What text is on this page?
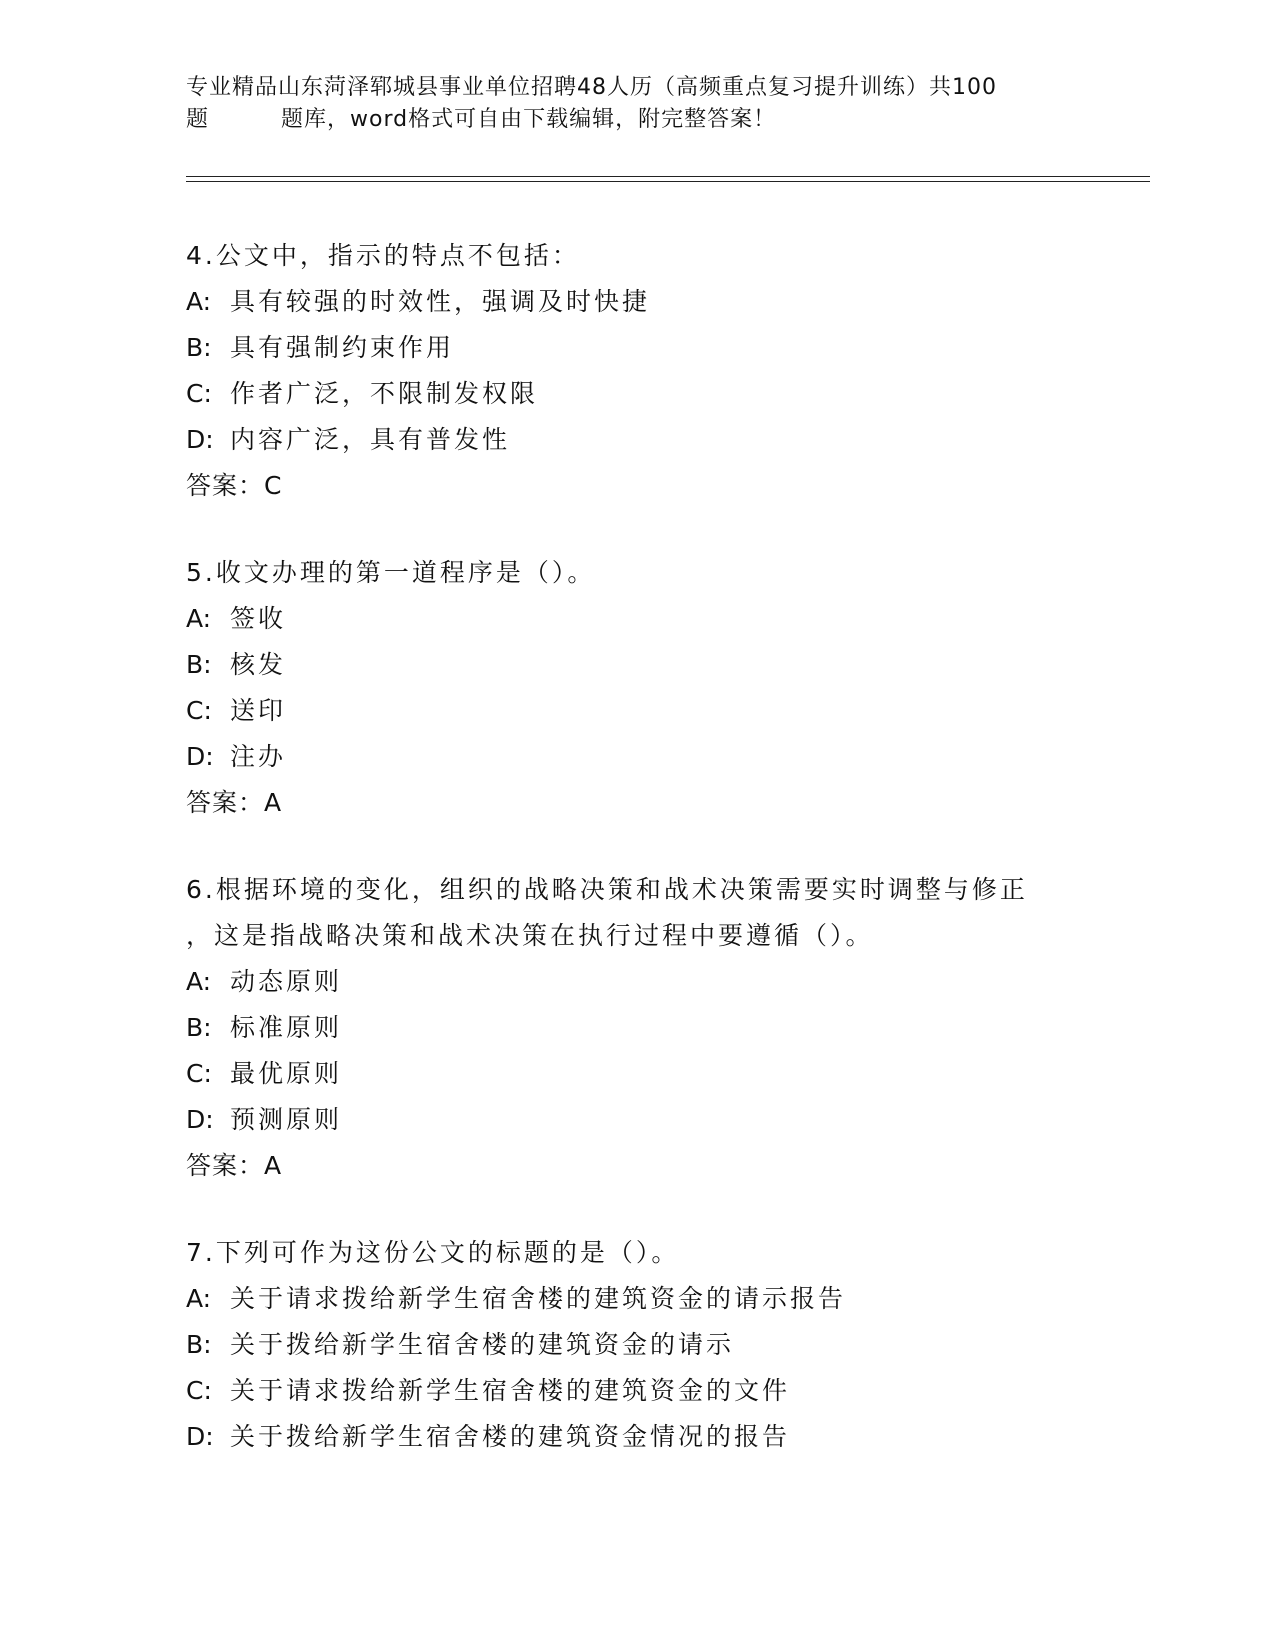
专业精品山东菏泽郓城县事业单位招聘48人历（高频重点复习提升训练）共100
题	题库，word格式可自由下载编辑，附完整答案！
4.公文中，指示的特点不包括：
A: 具有较强的时效性，强调及时快捷
B: 具有强制约束作用
C: 作者广泛，不限制发权限
D: 内容广泛，具有普发性
答案：C
5.收文办理的第一道程序是（）。
A: 签收
B: 核发
C: 送印
D: 注办
答案：A
6.根据环境的变化，组织的战略决策和战术决策需要实时调整与修正
，这是指战略决策和战术决策在执行过程中要遵循（）。
A: 动态原则
B: 标准原则
C: 最优原则
D: 预测原则
答案：A
7.下列可作为这份公文的标题的是（）。
A: 关于请求拨给新学生宿舍楼的建筑资金的请示报告
B: 关于拨给新学生宿舍楼的建筑资金的请示
C: 关于请求拨给新学生宿舍楼的建筑资金的文件
D: 关于拨给新学生宿舍楼的建筑资金情况的报告
